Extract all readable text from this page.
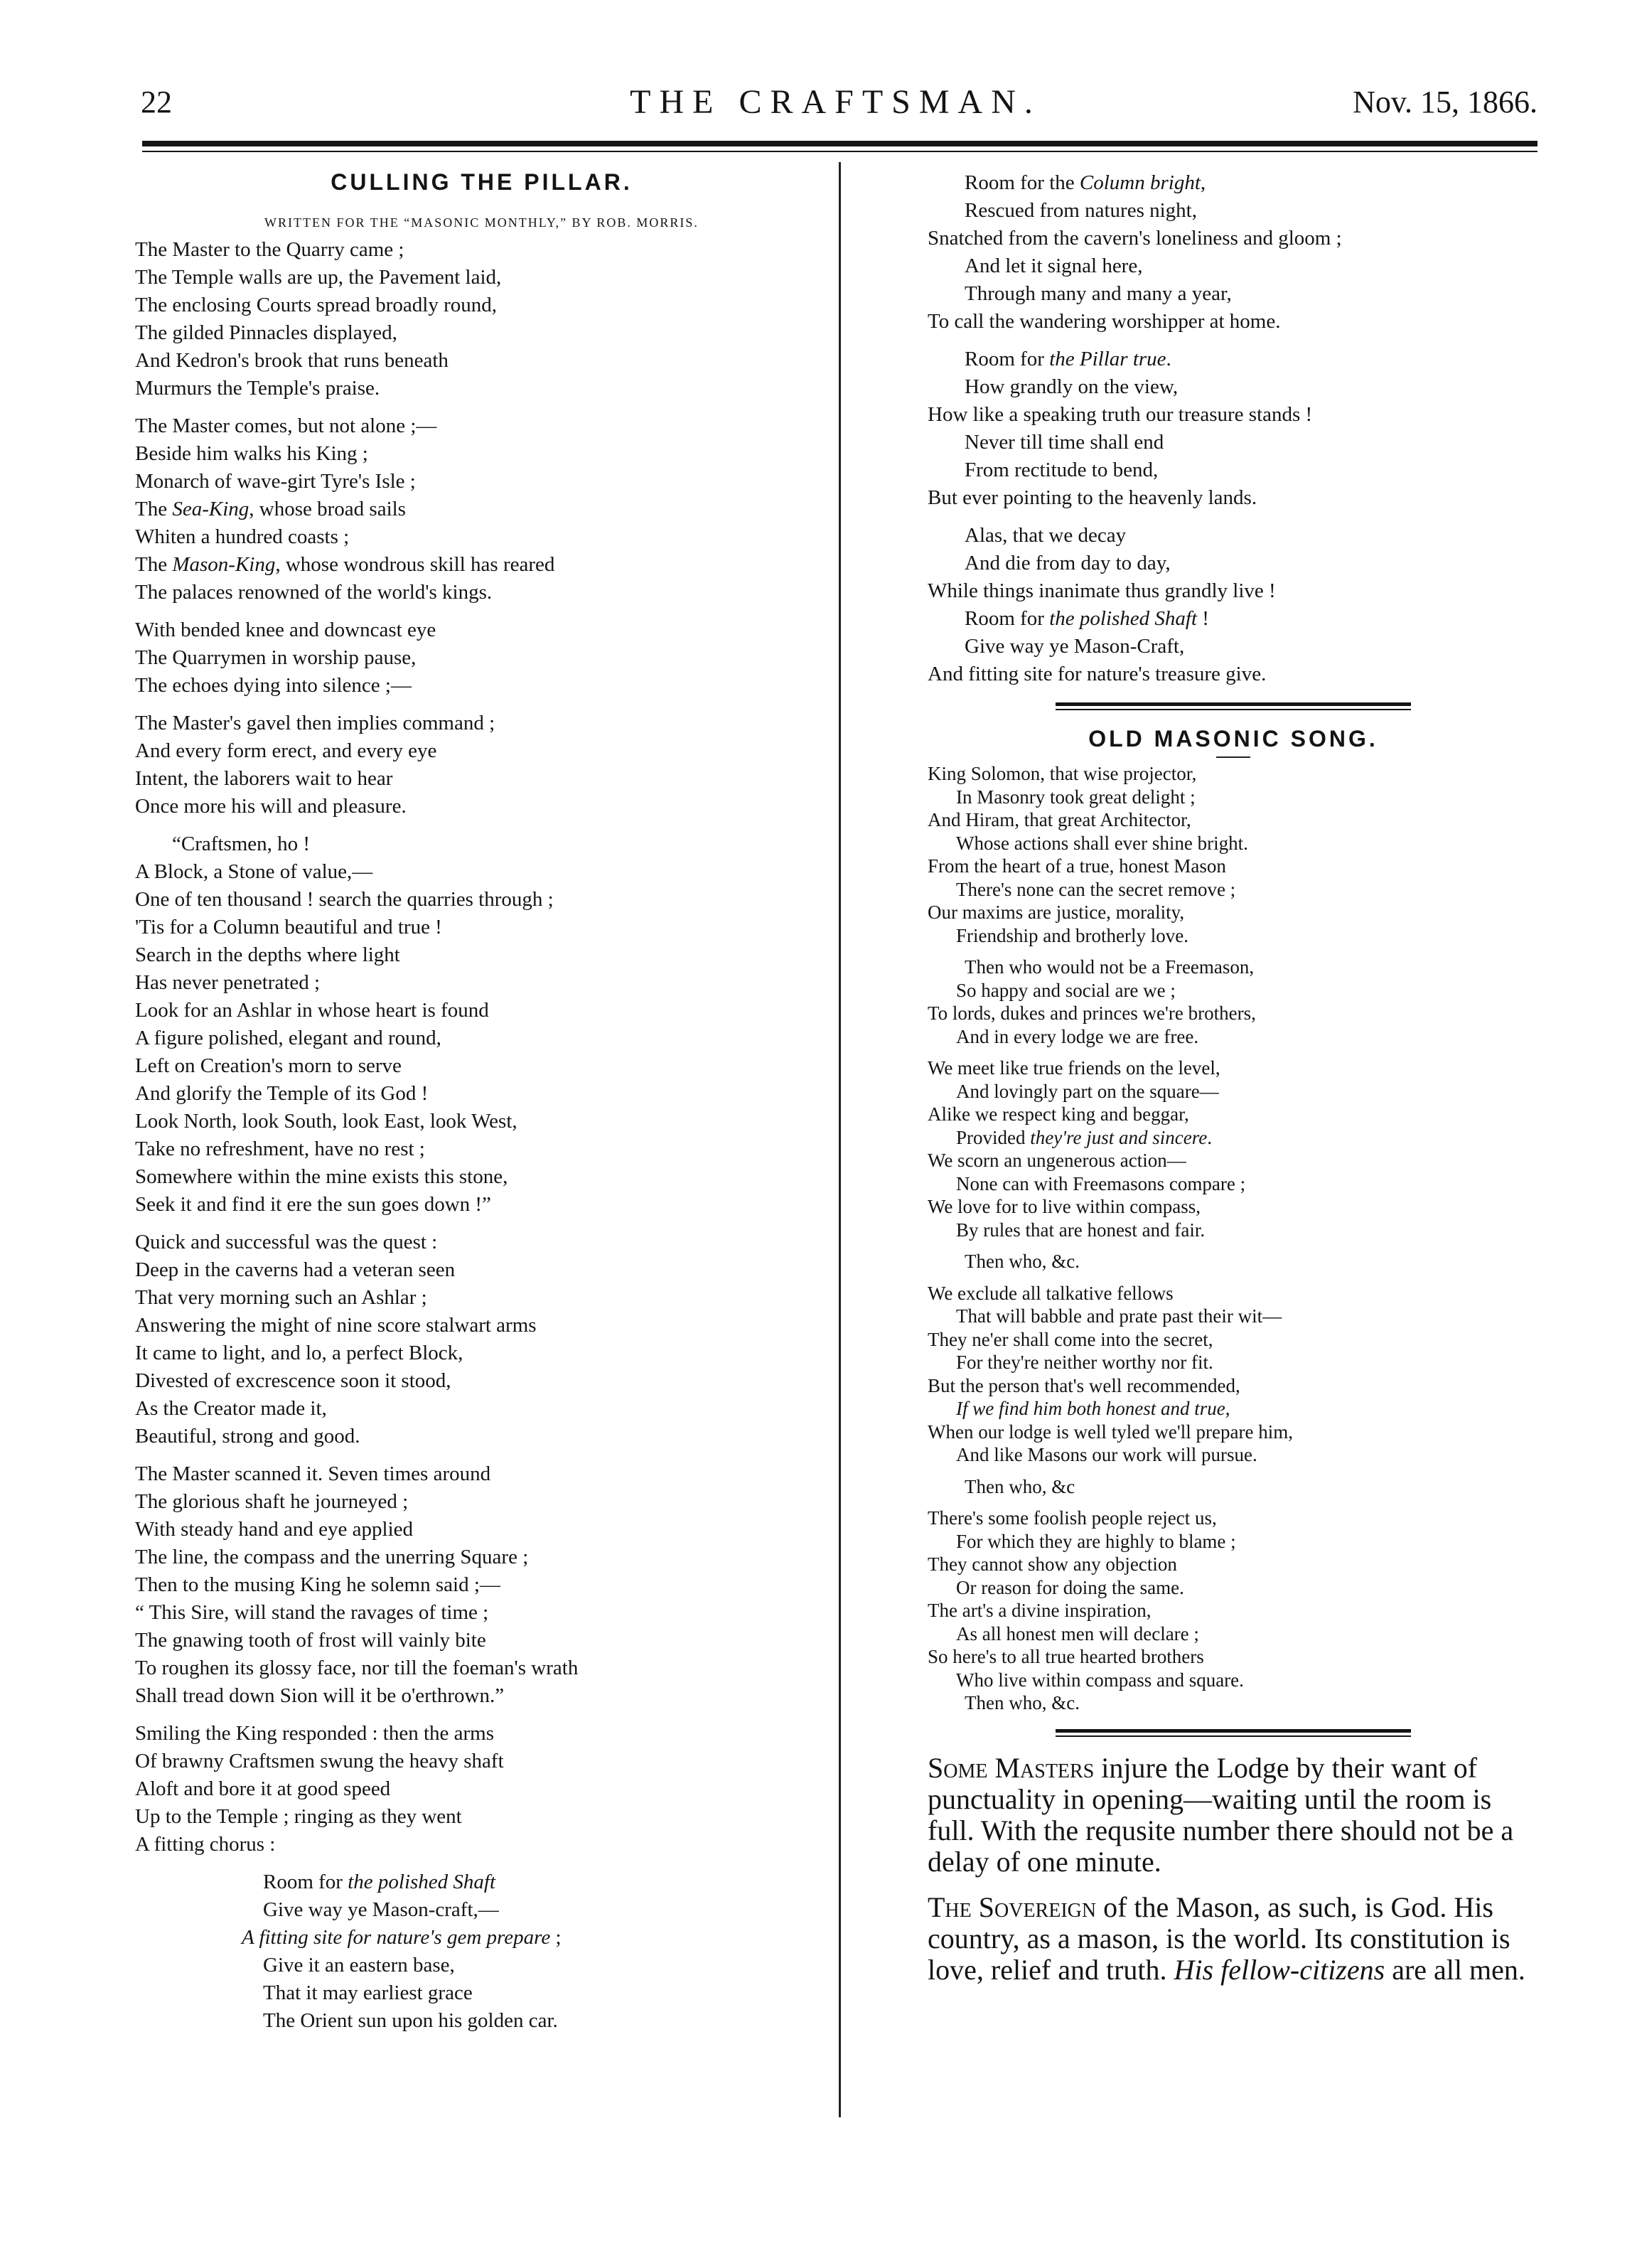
22	THE CRAFTSMAN.	Nov. 15, 1866.
CULLING THE PILLAR.
WRITTEN FOR THE “MASONIC MONTHLY,” BY ROB. MORRIS.
The Master to the Quarry came ;
The Temple walls are up, the Pavement laid,
The enclosing Courts spread broadly round,
The gilded Pinnacles displayed,
And Kedron's brook that runs beneath
Murmurs the Temple's praise.
The Master comes, but not alone ;—
Beside him walks his King ;
Monarch of wave-girt Tyre's Isle ;
The Sea-King, whose broad sails
Whiten a hundred coasts ;
The Mason-King, whose wondrous skill has reared
The palaces renowned of the world's kings.
With bended knee and downcast eye
The Quarrymen in worship pause,
The echoes dying into silence ;—
The Master's gavel then implies command ;
And every form erect, and every eye
Intent, the laborers wait to hear
Once more his will and pleasure.
“Craftsmen, ho !
A Block, a Stone of value,—
One of ten thousand ! search the quarries through ;
'Tis for a Column beautiful and true !
Search in the depths where light
Has never penetrated ;
Look for an Ashlar in whose heart is found
A figure polished, elegant and round,
Left on Creation's morn to serve
And glorify the Temple of its God !
Look North, look South, look East, look West,
Take no refreshment, have no rest ;
Somewhere within the mine exists this stone,
Seek it and find it ere the sun goes down !”
Quick and successful was the quest :
Deep in the caverns had a veteran seen
That very morning such an Ashlar ;
Answering the might of nine score stalwart arms
It came to light, and lo, a perfect Block,
Divested of excrescence soon it stood,
As the Creator made it,
Beautiful, strong and good.
The Master scanned it. Seven times around
The glorious shaft he journeyed ;
With steady hand and eye applied
The line, the compass and the unerring Square ;
Then to the musing King he solemn said ;—
“ This Sire, will stand the ravages of time ;
The gnawing tooth of frost will vainly bite
To roughen its glossy face, nor till the foeman's wrath
Shall tread down Sion will it be o'erthrown.”
Smiling the King responded : then the arms
Of brawny Craftsmen swung the heavy shaft
Aloft and bore it at good speed
Up to the Temple ; ringing as they went
A fitting chorus :
Room for the polished Shaft
Give way ye Mason-craft,—
A fitting site for nature's gem prepare ;
Give it an eastern base,
That it may earliest grace
The Orient sun upon his golden car.
Room for the Column bright,
Rescued from natures night,
Snatched from the cavern's loneliness and gloom ;
And let it signal here,
Through many and many a year,
To call the wandering worshipper at home.
Room for the Pillar true.
How grandly on the view,
How like a speaking truth our treasure stands !
Never till time shall end
From rectitude to bend,
But ever pointing to the heavenly lands.
Alas, that we decay
And die from day to day,
While things inanimate thus grandly live !
Room for the polished Shaft !
Give way ye Mason-Craft,
And fitting site for nature's treasure give.
OLD MASONIC SONG.
King Solomon, that wise projector,
In Masonry took great delight ;
And Hiram, that great Architector,
Whose actions shall ever shine bright.
From the heart of a true, honest Mason
There's none can the secret remove ;
Our maxims are justice, morality,
Friendship and brotherly love.
Then who would not be a Freemason,
So happy and social are we ;
To lords, dukes and princes we're brothers,
And in every lodge we are free.
We meet like true friends on the level,
And lovingly part on the square—
Alike we respect king and beggar,
Provided they're just and sincere.
We scorn an ungenerous action—
None can with Freemasons compare ;
We love for to live within compass,
By rules that are honest and fair.
Then who, &c.
We exclude all talkative fellows
That will babble and prate past their wit—
They ne'er shall come into the secret,
For they're neither worthy nor fit.
But the person that's well recommended,
If we find him both honest and true,
When our lodge is well tyled we'll prepare him,
And like Masons our work will pursue.
Then who, &c
There's some foolish people reject us,
For which they are highly to blame ;
They cannot show any objection
Or reason for doing the same.
The art's a divine inspiration,
As all honest men will declare ;
So here's to all true hearted brothers
Who live within compass and square.
Then who, &c.
Some Masters injure the Lodge by their want of punctuality in opening—waiting until the room is full. With the requsite number there should not be a delay of one minute.
The Sovereign of the Mason, as such, is God. His country, as a mason, is the world. Its constitution is love, relief and truth. His fellow-citizens are all men.
